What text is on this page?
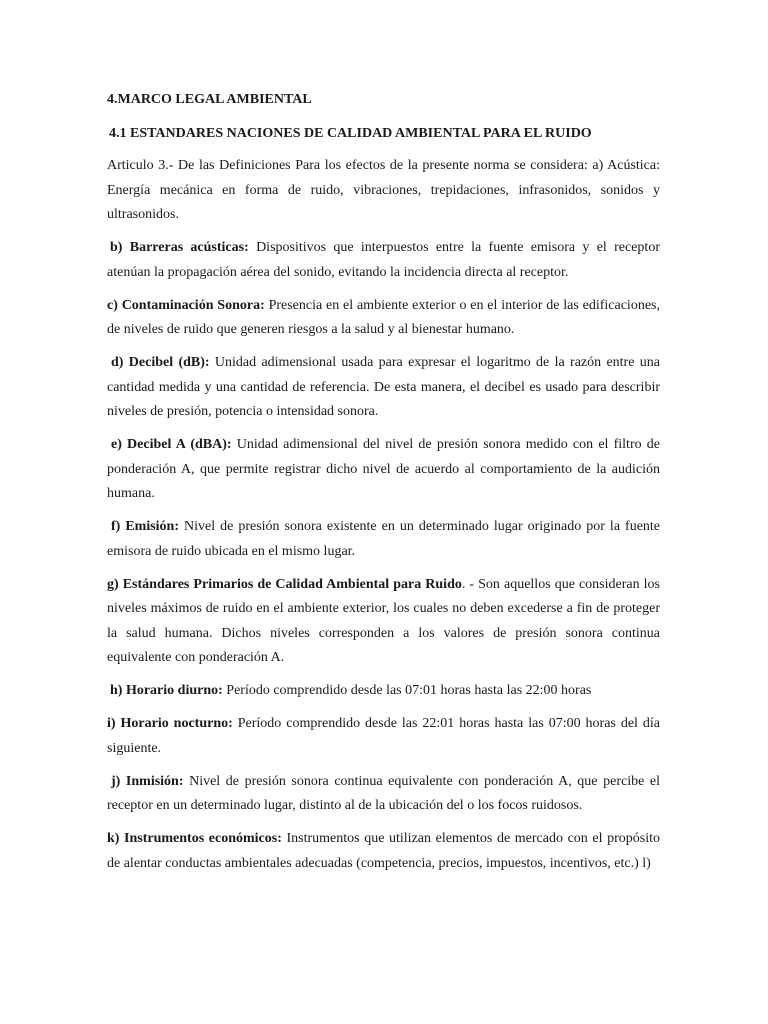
4.MARCO LEGAL AMBIENTAL

4.1 ESTANDARES NACIONES DE CALIDAD AMBIENTAL PARA EL RUIDO

Articulo 3.- De las Definiciones Para los efectos de la presente norma se considera: a) Acústica: Energía mecánica en forma de ruido, vibraciones, trepidaciones, infrasonidos, sonidos y ultrasonidos.

b) Barreras acústicas: Dispositivos que interpuestos entre la fuente emisora y el receptor atenúan la propagación aérea del sonido, evitando la incidencia directa al receptor.

c) Contaminación Sonora: Presencia en el ambiente exterior o en el interior de las edificaciones, de niveles de ruido que generen riesgos a la salud y al bienestar humano.

d) Decibel (dB): Unidad adimensional usada para expresar el logaritmo de la razón entre una cantidad medida y una cantidad de referencia. De esta manera, el decibel es usado para describir niveles de presión, potencia o intensidad sonora.

e) Decibel A (dBA): Unidad adimensional del nivel de presión sonora medido con el filtro de ponderación A, que permite registrar dicho nivel de acuerdo al comportamiento de la audición humana.

f) Emisión: Nivel de presión sonora existente en un determinado lugar originado por la fuente emisora de ruido ubicada en el mismo lugar.

g) Estándares Primarios de Calidad Ambiental para Ruido. - Son aquellos que consideran los niveles máximos de ruido en el ambiente exterior, los cuales no deben excederse a fin de proteger la salud humana. Dichos niveles corresponden a los valores de presión sonora continua equivalente con ponderación A.

h) Horario diurno: Período comprendido desde las 07:01 horas hasta las 22:00 horas

i) Horario nocturno: Período comprendido desde las 22:01 horas hasta las 07:00 horas del día siguiente.

j) Inmisión: Nivel de presión sonora continua equivalente con ponderación A, que percibe el receptor en un determinado lugar, distinto al de la ubicación del o los focos ruidosos.

k) Instrumentos económicos: Instrumentos que utilizan elementos de mercado con el propósito de alentar conductas ambientales adecuadas (competencia, precios, impuestos, incentivos, etc.) l)
